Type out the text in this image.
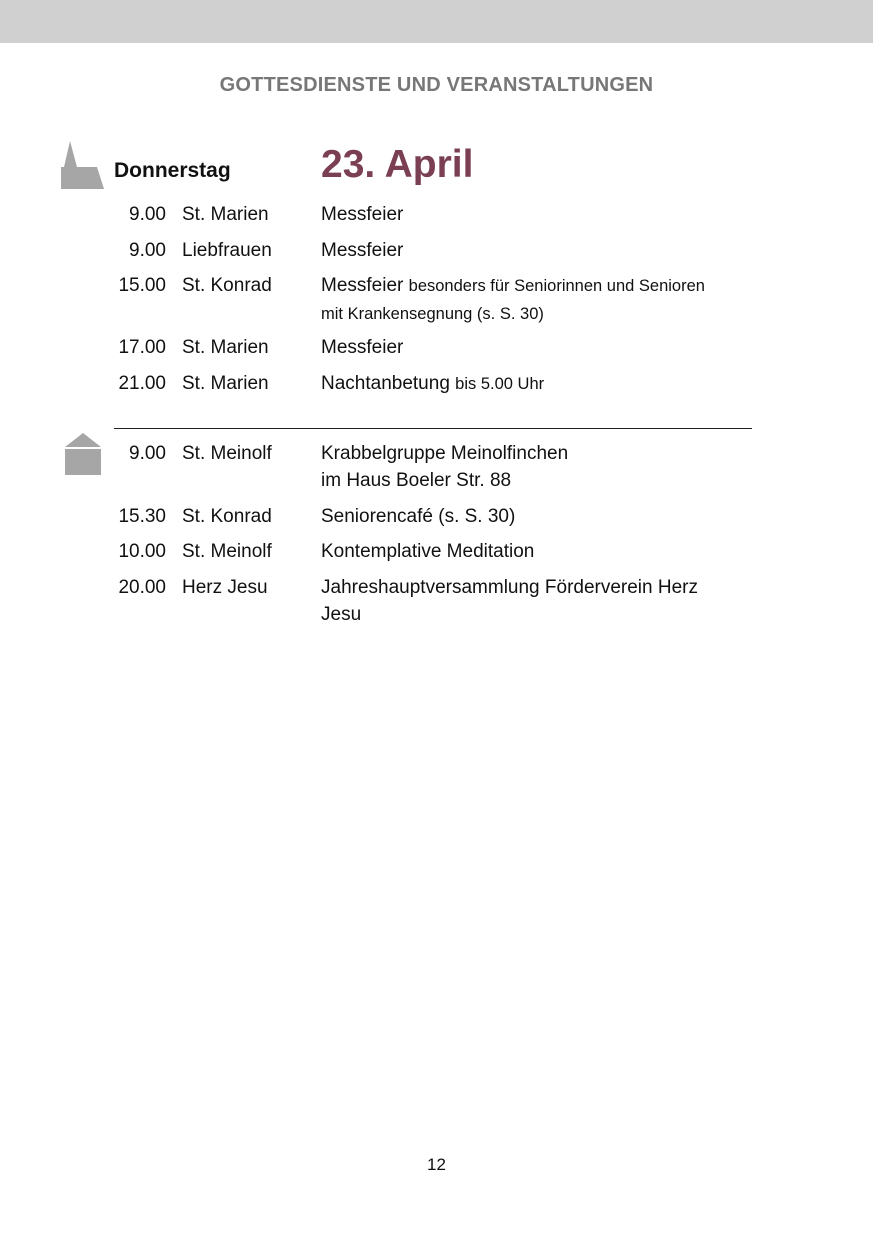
GOTTESDIENSTE UND VERANSTALTUNGEN
Donnerstag 23. April
9.00 St. Marien	Messfeier
9.00 Liebfrauen	Messfeier
15.00 St. Konrad	Messfeier besonders für Seniorinnen und Senioren
mit Krankensegnung (s. S. 30)
17.00 St. Marien	Messfeier
21.00 St. Marien	Nachtanbetung bis 5.00 Uhr
9.00 St. Meinolf	Krabbelgruppe Meinolfinchen
im Haus Boeler Str. 88
15.30 St. Konrad	Seniorencafé (s. S. 30)
10.00 St. Meinolf	Kontemplative Meditation
20.00 Herz Jesu	Jahreshauptversammlung Förderverein Herz
Jesu
12
